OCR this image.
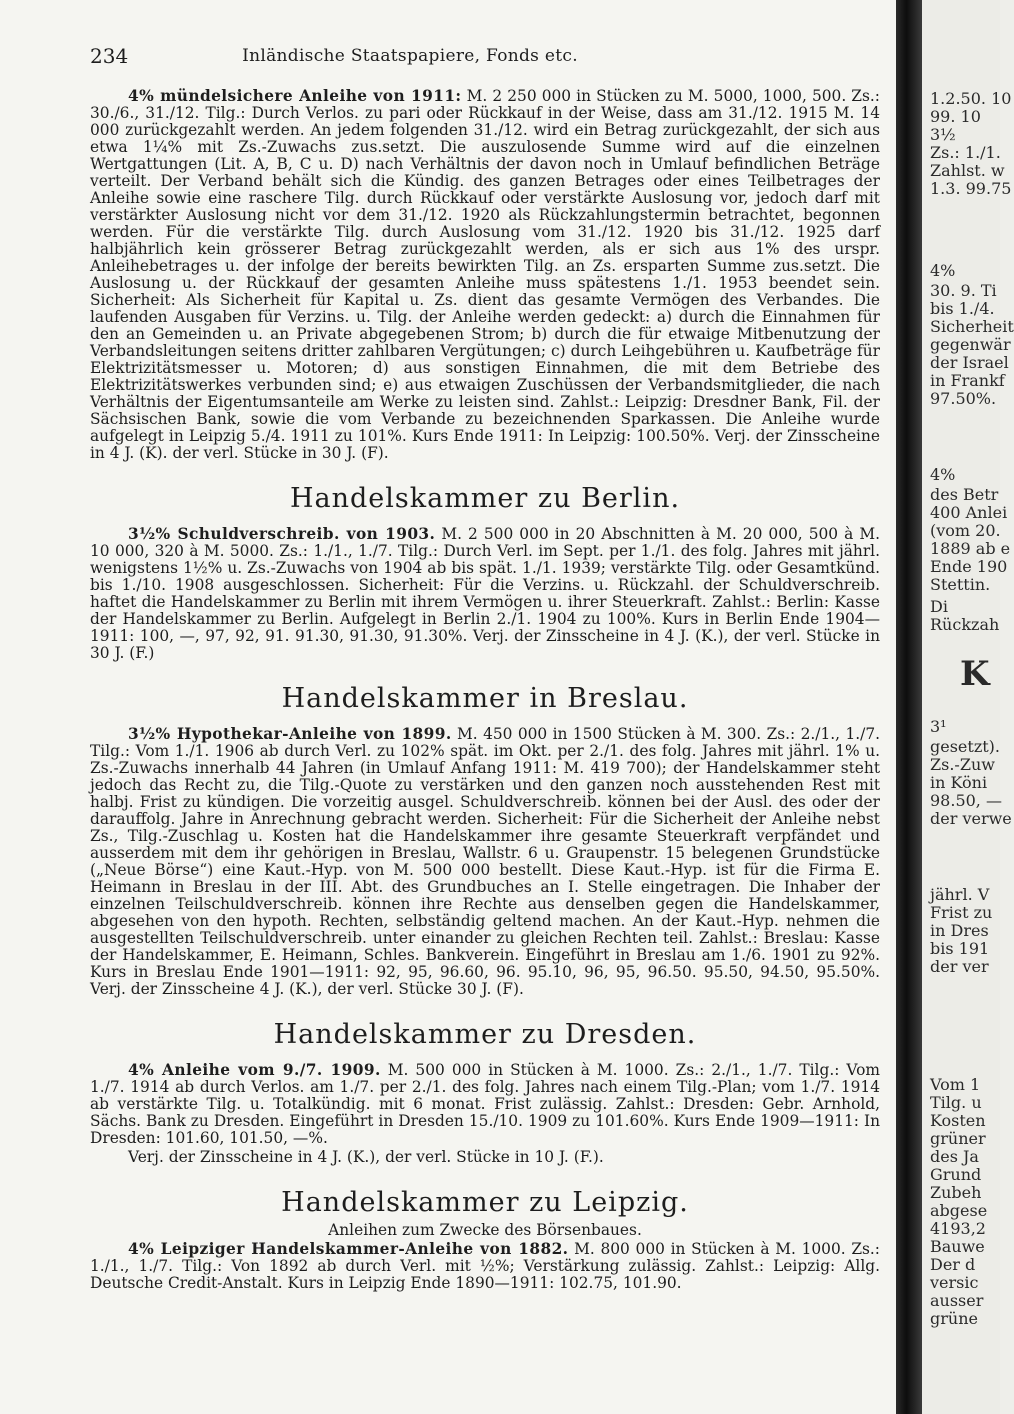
234	Inländische Staatspapiere, Fonds etc.

4% mündelsichere Anleihe von 1911: M. 2 250 000 in Stücken zu M. 5000, 1000, 500. Zs.: 30./6., 31./12. Tilg.: Durch Verlos. zu pari oder Rückkauf in der Weise, dass am 31./12. 1915 M. 14 000 zurückgezahlt werden. An jedem folgenden 31./12. wird ein Betrag zurückgezahlt, der sich aus etwa 1¼% mit Zs.-Zuwachs zus.setzt. Die auszulosende Summe wird auf die einzelnen Wertgattungen (Lit. A, B, C u. D) nach Verhältnis der davon noch in Umlauf befindlichen Beträge verteilt. Der Verband behält sich die Kündig. des ganzen Betrages oder eines Teilbetrages der Anleihe sowie eine raschere Tilg. durch Rückkauf oder verstärkte Auslosung vor, jedoch darf mit verstärkter Auslosung nicht vor dem 31./12. 1920 als Rückzahlungstermin betrachtet, begonnen werden. Für die verstärkte Tilg. durch Auslosung vom 31./12. 1920 bis 31./12. 1925 darf halbjährlich kein grösserer Betrag zurückgezahlt werden, als er sich aus 1% des urspr. Anleihebetrages u. der infolge der bereits bewirkten Tilg. an Zs. ersparten Summe zus.setzt. Die Auslosung u. der Rückkauf der gesamten Anleihe muss spätestens 1./1. 1953 beendet sein. Sicherheit: Als Sicherheit für Kapital u. Zs. dient das gesamte Vermögen des Verbandes. Die laufenden Ausgaben für Verzins. u. Tilg. der Anleihe werden gedeckt: a) durch die Einnahmen für den an Gemeinden u. an Private abgegebenen Strom; b) durch die für etwaige Mitbenutzung der Verbandsleitungen seitens dritter zahlbaren Vergütungen; c) durch Leihgebühren u. Kaufbeträge für Elektrizitätsmesser u. Motoren; d) aus sonstigen Einnahmen, die mit dem Betriebe des Elektrizitätswerkes verbunden sind; e) aus etwaigen Zuschüssen der Verbandsmitglieder, die nach Verhältnis der Eigentumsanteile am Werke zu leisten sind. Zahlst.: Leipzig: Dresdner Bank, Fil. der Sächsischen Bank, sowie die vom Verbande zu bezeichnenden Sparkassen. Die Anleihe wurde aufgelegt in Leipzig 5./4. 1911 zu 101%. Kurs Ende 1911: In Leipzig: 100.50%. Verj. der Zinsscheine in 4 J. (K). der verl. Stücke in 30 J. (F).

Handelskammer zu Berlin.

3½% Schuldverschreib. von 1903. M. 2 500 000 in 20 Abschnitten à M. 20 000, 500 à M. 10 000, 320 à M. 5000. Zs.: 1./1., 1./7. Tilg.: Durch Verl. im Sept. per 1./1. des folg. Jahres mit jährl. wenigstens 1½% u. Zs.-Zuwachs von 1904 ab bis spät. 1./1. 1939; verstärkte Tilg. oder Gesamtkünd. bis 1./10. 1908 ausgeschlossen. Sicherheit: Für die Verzins. u. Rückzahl. der Schuldverschreib. haftet die Handelskammer zu Berlin mit ihrem Vermögen u. ihrer Steuerkraft. Zahlst.: Berlin: Kasse der Handelskammer zu Berlin. Aufgelegt in Berlin 2./1. 1904 zu 100%. Kurs in Berlin Ende 1904—1911: 100, —, 97, 92, 91. 91.30, 91.30, 91.30%. Verj. der Zinsscheine in 4 J. (K.), der verl. Stücke in 30 J. (F.)

Handelskammer in Breslau.

3½% Hypothekar-Anleihe von 1899. M. 450 000 in 1500 Stücken à M. 300. Zs.: 2./1., 1./7. Tilg.: Vom 1./1. 1906 ab durch Verl. zu 102% spät. im Okt. per 2./1. des folg. Jahres mit jährl. 1% u. Zs.-Zuwachs innerhalb 44 Jahren (in Umlauf Anfang 1911: M. 419 700); der Handelskammer steht jedoch das Recht zu, die Tilg.-Quote zu verstärken und den ganzen noch ausstehenden Rest mit halbj. Frist zu kündigen. Die vorzeitig ausgel. Schuldverschreib. können bei der Ausl. des oder der darauffolg. Jahre in Anrechnung gebracht werden. Sicherheit: Für die Sicherheit der Anleihe nebst Zs., Tilg.-Zuschlag u. Kosten hat die Handelskammer ihre gesamte Steuerkraft verpfändet und ausserdem mit dem ihr gehörigen in Breslau, Wallstr. 6 u. Graupenstr. 15 belegenen Grundstücke („Neue Börse“) eine Kaut.-Hyp. von M. 500 000 bestellt. Diese Kaut.-Hyp. ist für die Firma E. Heimann in Breslau in der III. Abt. des Grundbuches an I. Stelle eingetragen. Die Inhaber der einzelnen Teilschuldverschreib. können ihre Rechte aus denselben gegen die Handelskammer, abgesehen von den hypoth. Rechten, selbständig geltend machen. An der Kaut.-Hyp. nehmen die ausgestellten Teilschuldverschreib. unter einander zu gleichen Rechten teil. Zahlst.: Breslau: Kasse der Handelskammer, E. Heimann, Schles. Bankverein. Eingeführt in Breslau am 1./6. 1901 zu 92%. Kurs in Breslau Ende 1901—1911: 92, 95, 96.60, 96. 95.10, 96, 95, 96.50. 95.50, 94.50, 95.50%. Verj. der Zinsscheine 4 J. (K.), der verl. Stücke 30 J. (F).

Handelskammer zu Dresden.

4% Anleihe vom 9./7. 1909. M. 500 000 in Stücken à M. 1000. Zs.: 2./1., 1./7. Tilg.: Vom 1./7. 1914 ab durch Verlos. am 1./7. per 2./1. des folg. Jahres nach einem Tilg.-Plan; vom 1./7. 1914 ab verstärkte Tilg. u. Totalkündig. mit 6 monat. Frist zulässig. Zahlst.: Dresden: Gebr. Arnhold, Sächs. Bank zu Dresden. Eingeführt in Dresden 15./10. 1909 zu 101.60%. Kurs Ende 1909—1911: In Dresden: 101.60, 101.50, —%.

Verj. der Zinsscheine in 4 J. (K.), der verl. Stücke in 10 J. (F.).

Handelskammer zu Leipzig.
Anleihen zum Zwecke des Börsenbaues.

4% Leipziger Handelskammer-Anleihe von 1882. M. 800 000 in Stücken à M. 1000. Zs.: 1./1., 1./7. Tilg.: Von 1892 ab durch Verl. mit ½%; Verstärkung zulässig. Zahlst.: Leipzig: Allg. Deutsche Credit-Anstalt. Kurs in Leipzig Ende 1890—1911: 102.75, 101.90.

1.2.50. 10
99. 10
3½
Zs.: 1./1.
Zahlst. w
1.3. 99.75
4%
30. 9. Ti
bis 1./4.
Sicherheit
gegenwär
der Israel
in Frankf
97.50%.
4%
des Betr
400 Anlei
(vom 20.
1889 ab e
Ende 190
Stettin.
Di
Rückzah
K
3¹
gesetzt).
Zs.-Zuw
in Köni
98.50, —
der verwe
jährl. V
Frist zu
in Dres
bis 191
der ver
Vom 1
Tilg. u
Kosten
grüner
des Ja
Grund
Zubeh
abgese
4193,2
Bauwe
Der d
versic
ausser
grüne
